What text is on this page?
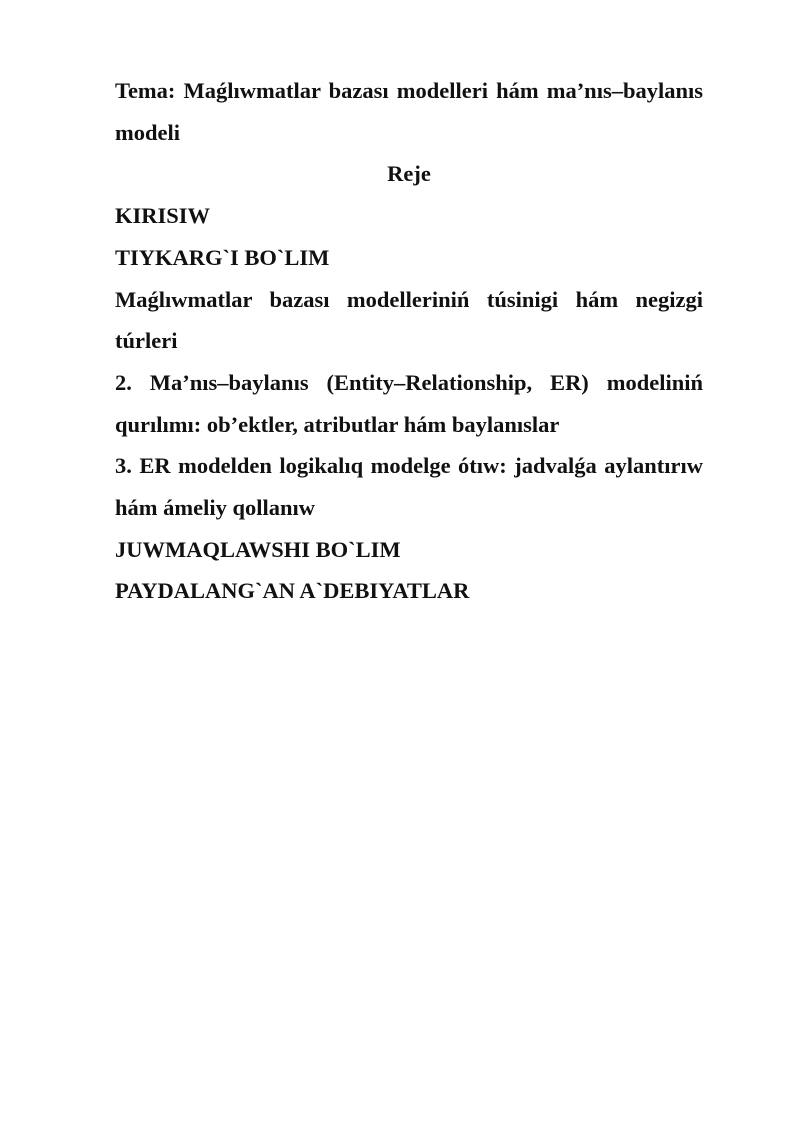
Tema: Maǵlıwmatlar bazası modelleri hám ma’nıs–baylanıs modeli

Reje

KIRISIW

TIYKARG`I BO`LIM

Maǵlıwmatlar bazası modelleriniń túsinigi hám negizgi túrleri

2. Ma’nıs–baylanıs (Entity–Relationship, ER) modeliniń qurılımı: ob’ektler, atributlar hám baylanıslar

3. ER modelden logikalıq modelge ótıw: jadvalǵa aylantırıw hám ámeliy qollanıw

JUWMAQLAWSHI BO`LIM

PAYDALANG`AN A`DEBIYATLAR
